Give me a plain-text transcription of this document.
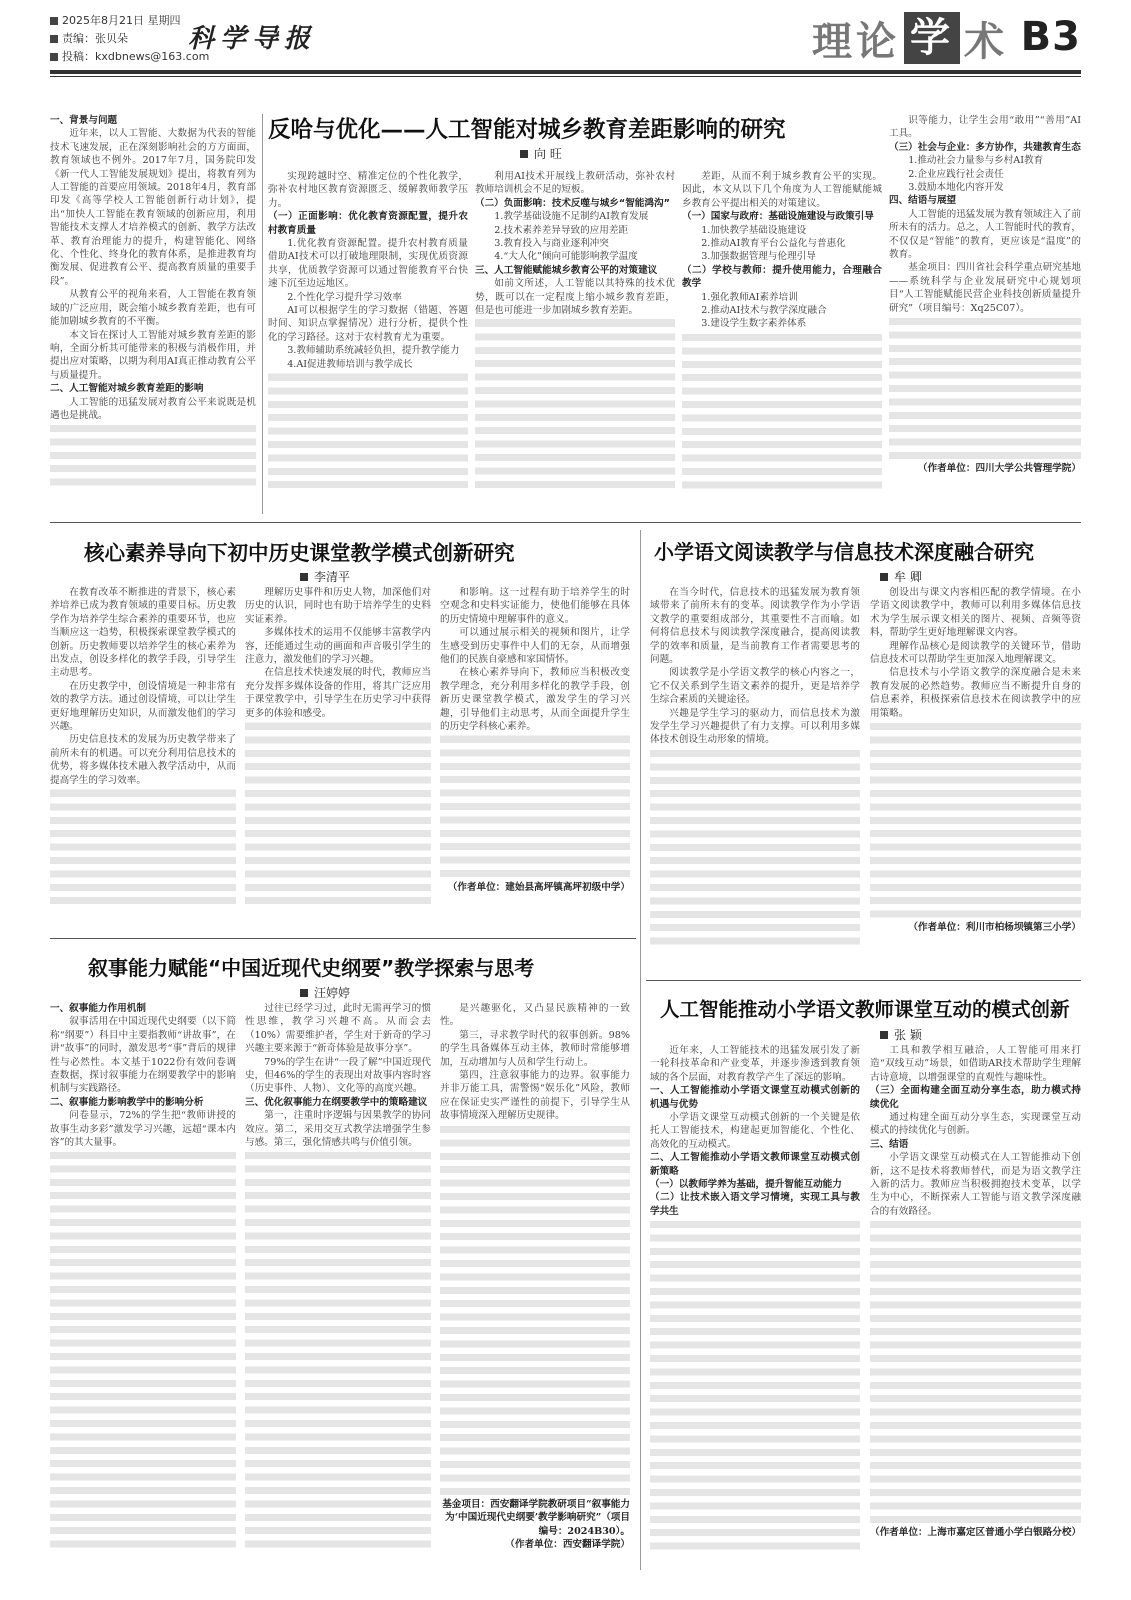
2025年8月21日 星期四
责编：张贝朵
投稿：kxdbnews@163.com
科学导报	理 论 学 术 B3

一、背景与问题

近年来，以人工智能、大数据为代表的智能技术飞速发展，正在深刻影响社会的方方面面，教育领域也不例外。2017年7月，国务院印发《新一代人工智能发展规划》提出，将教育列为人工智能的首要应用领域。2018年4月，教育部印发《高等学校人工智能创新行动计划》，提出“加快人工智能在教育领域的创新应用，利用智能技术支撑人才培养模式的创新、教学方法改革、教育治理能力的提升，构建智能化、网络化、个性化、终身化的教育体系，是推进教育均衡发展、促进教育公平、提高教育质量的重要手段”。

从教育公平的视角来看，人工智能在教育领域的广泛应用，既会缩小城乡教育差距，也有可能加剧城乡教育的不平衡。

本文旨在探讨人工智能对城乡教育差距的影响，全面分析其可能带来的积极与消极作用，并提出应对策略，以期为利用AI真正推动教育公平与质量提升。

二、人工智能对城乡教育差距的影响

人工智能的迅猛发展对教育公平来说既是机遇也是挑战。

反哈与优化——人工智能对城乡教育差距影响的研究
向 旺

实现跨越时空、精准定位的个性化教学，弥补农村地区教育资源匮乏、缓解教师教学压力。

（一）正面影响：优化教育资源配置，提升农村教育质量

1.优化教育资源配置。提升农村教育质量借助AI技术可以打破地理限制，实现优质资源共享，优质教学资源可以通过智能教育平台快速下沉至边远地区。

2.个性化学习提升学习效率

AI可以根据学生的学习数据（错题、答题时间、知识点掌握情况）进行分析，提供个性化的学习路径。这对于农村教育尤为重要。

3.教师辅助系统减轻负担，提升教学能力

4.AI促进教师培训与教学成长

利用AI技术开展线上教研活动，弥补农村教师培训机会不足的短板。

（二）负面影响：技术反噬与城乡“智能鸿沟”

1.教学基础设施不足制约AI教育发展

2.技术素养差异导致的应用差距

3.教育投入与商业逐利冲突

4.“大人化”倾向可能影响教学温度

三、人工智能赋能城乡教育公平的对策建议

如前文所述，人工智能以其特殊的技术优势，既可以在一定程度上缩小城乡教育差距，但是也可能进一步加剧城乡教育差距。

差距，从而不利于城乡教育公平的实现。因此，本文从以下几个角度为人工智能赋能城乡教育公平提出相关的对策建议。

（一）国家与政府：基础设施建设与政策引导

1.加快教学基础设施建设

2.推动AI教育平台公益化与普惠化

3.加强数据管理与伦理引导

（二）学校与教师：提升使用能力，合理融合教学

1.强化教师AI素养培训

2.推动AI技术与教学深度融合

3.建设学生数字素养体系

识等能力，让学生会用“敢用”“善用”AI工具。

（三）社会与企业：多方协作，共建教育生态

1.推动社会力量参与乡村AI教育

2.企业应践行社会责任

3.鼓励本地化内容开发

四、结语与展望

人工智能的迅猛发展为教育领域注入了前所未有的活力。总之，人工智能时代的教育，不仅仅是“智能”的教育，更应该是“温度”的教育。

基金项目：四川省社会科学重点研究基地——系统科学与企业发展研究中心规划项目“人工智能赋能民营企业科技创新质量提升研究”（项目编号：Xq25C07）。

（作者单位：四川大学公共管理学院）

核心素养导向下初中历史课堂教学模式创新研究
李清平

在教育改革不断推进的背景下，核心素养培养已成为教育领域的重要目标。历史教学作为培养学生综合素养的重要环节，也应当顺应这一趋势，积极探索课堂教学模式的创新。历史教师要以培养学生的核心素养为出发点，创设多样化的教学手段，引导学生主动思考。

在历史教学中，创设情境是一种非常有效的教学方法。通过创设情境，可以让学生更好地理解历史知识，从而激发他们的学习兴趣。

历史信息技术的发展为历史教学带来了前所未有的机遇。可以充分利用信息技术的优势，将多媒体技术融入教学活动中，从而提高学生的学习效率。

理解历史事件和历史人物，加深他们对历史的认识，同时也有助于培养学生的史料实证素养。

多媒体技术的运用不仅能够丰富教学内容，还能通过生动的画面和声音吸引学生的注意力，激发他们的学习兴趣。

在信息技术快速发展的时代，教师应当充分发挥多媒体设备的作用，将其广泛应用于课堂教学中，引导学生在历史学习中获得更多的体验和感受。

和影响。这一过程有助于培养学生的时空观念和史料实证能力，使他们能够在具体的历史情境中理解事件的意义。

可以通过展示相关的视频和图片，让学生感受到历史事件中人们的无奈，从而增强他们的民族自豪感和家国情怀。

在核心素养导向下，教师应当积极改变教学理念，充分利用多样化的教学手段，创新历史课堂教学模式，激发学生的学习兴趣，引导他们主动思考，从而全面提升学生的历史学科核心素养。

（作者单位：建始县高坪镇高坪初级中学）

小学语文阅读教学与信息技术深度融合研究
牟 卿

在当今时代，信息技术的迅猛发展为教育领域带来了前所未有的变革。阅读教学作为小学语文教学的重要组成部分，其重要性不言而喻。如何将信息技术与阅读教学深度融合，提高阅读教学的效率和质量，是当前教育工作者需要思考的问题。

阅读教学是小学语文教学的核心内容之一，它不仅关系到学生语文素养的提升，更是培养学生综合素质的关键途径。

兴趣是学生学习的驱动力，而信息技术为激发学生学习兴趣提供了有力支撑。可以利用多媒体技术创设生动形象的情境。

创设出与课文内容相匹配的教学情境。在小学语文阅读教学中，教师可以利用多媒体信息技术为学生展示课文相关的图片、视频、音频等资料，帮助学生更好地理解课文内容。

理解作品核心是阅读教学的关键环节，借助信息技术可以帮助学生更加深入地理解课文。

信息技术与小学语文教学的深度融合是未来教育发展的必然趋势。教师应当不断提升自身的信息素养，积极探索信息技术在阅读教学中的应用策略。

（作者单位：利川市柏杨坝镇第三小学）

叙事能力赋能“中国近现代史纲要”教学探索与思考
汪婷婷

一、叙事能力作用机制

叙事活用在中国近现代史纲要（以下简称“纲要”）科目中主要指教师“讲故事”，在讲“故事”的同时，激发思考“事”背后的规律性与必然性。本文基于1022份有效问卷调查数据，探讨叙事能力在纲要教学中的影响机制与实践路径。

二、叙事能力影响教学中的影响分析

问卷显示，72%的学生把“教师讲授的故事生动多彩”激发学习兴趣，远超“课本内容”的其大量事。

过往已经学习过，此时无需再学习的惯性思维，教学习兴趣不高。从而会去（10%）需要维护者，学生对于新奇的学习兴趣主要来源于“新奇体验是故事分享”。

79%的学生在讲“一段了解”中国近现代史，但46%的学生的表现出对故事内容时容（历史事件、人物）、文化等的高度兴趣。

三、优化叙事能力在纲要教学中的策略建议

第一，注重时序逻辑与因果教学的协同效应。第二，采用交互式教学法增强学生参与感。第三，强化情感共鸣与价值引领。

是兴趣驱化，又凸显民族精神的一致性。

第三，寻求教学时代的叙事创新。98%的学生具备媒体互动主体，教师时常能够增加，互动增加与人员和学生行动上。

第四，注意叙事能力的边界。叙事能力并非万能工具，需警惕“娱乐化”风险，教师应在保证史实严谨性的前提下，引导学生从故事情境深入理解历史规律。

基金项目：西安翻译学院教研项目“叙事能力为‘中国近现代史纲要’教学影响研究”（项目编号：2024B30）。

（作者单位：西安翻译学院）

人工智能推动小学语文教师课堂互动的模式创新
张 颖

近年来，人工智能技术的迅猛发展引发了新一轮科技革命和产业变革，并逐步渗透到教育领域的各个层面，对教育教学产生了深远的影响。

一、人工智能推动小学语文课堂互动模式创新的机遇与优势

小学语文课堂互动模式创新的一个关键是依托人工智能技术，构建起更加智能化、个性化、高效化的互动模式。

二、人工智能推动小学语文教师课堂互动模式创新策略

（一）以教师学养为基础，提升智能互动能力

（二）让技术嵌入语文学习情境，实现工具与教学共生

工具和教学相互融洽，人工智能可用来打造“双线互动”场景，如借助AR技术帮助学生理解古诗意境，以增强课堂的直观性与趣味性。

（三）全面构建全面互动分享生态，助力模式持续优化

通过构建全面互动分享生态，实现课堂互动模式的持续优化与创新。

三、结语

小学语文课堂互动模式在人工智能推动下创新，这不是技术将教师替代，而是为语文教学注入新的活力。教师应当积极拥抱技术变革，以学生为中心，不断探索人工智能与语文教学深度融合的有效路径。

（作者单位：上海市嘉定区普通小学白银路分校）
